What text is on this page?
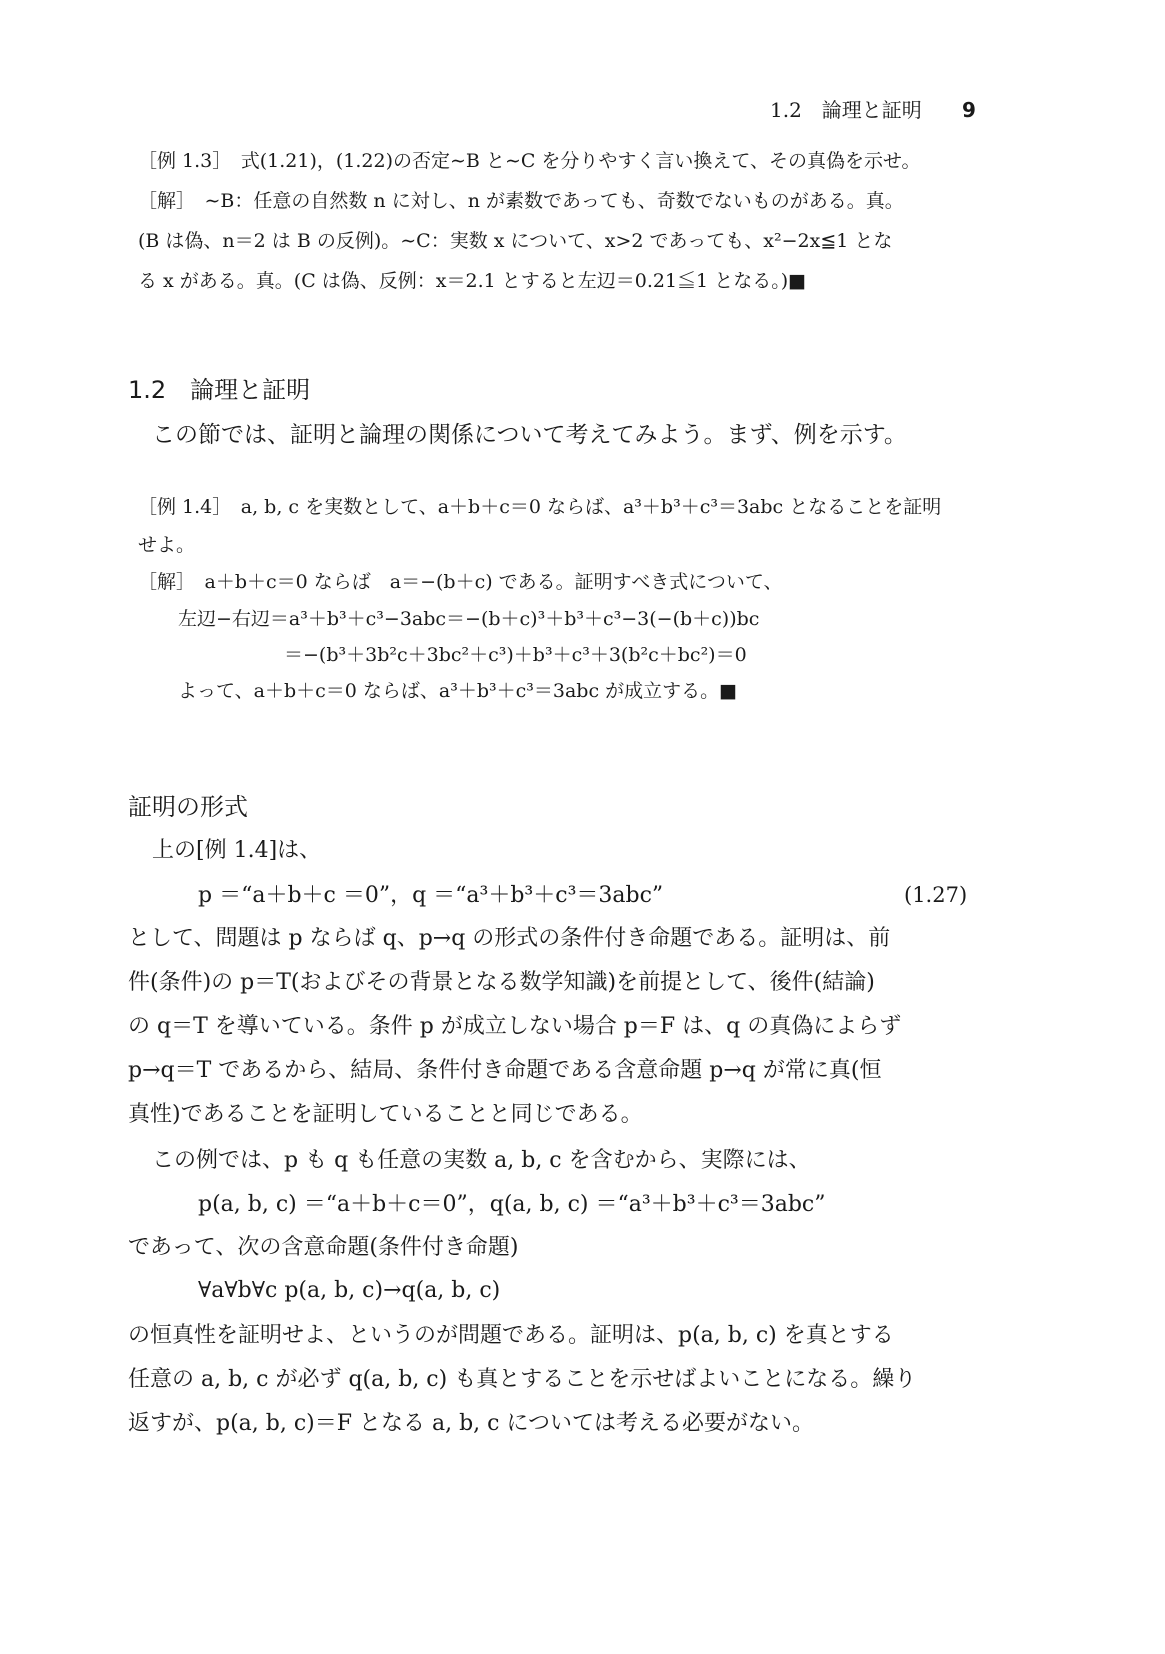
1.2　論理と証明 9
［例 1.3］　式(1.21)，(1.22)の否定∼B と∼C を分りやすく言い換えて、その真偽を示せ。
［解］　∼B：任意の自然数 n に対し、n が素数であっても、奇数でないものがある。真。
(B は偽、n＝2 は B の反例)。∼C：実数 x について、x>2 であっても、x²−2x≦1 とな
る x がある。真。(C は偽、反例：x＝2.1 とすると左辺＝0.21≦1 となる。)■
1.2　論理と証明
この節では、証明と論理の関係について考えてみよう。まず、例を示す。
［例 1.4］　a, b, c を実数として、a＋b＋c＝0 ならば、a³＋b³＋c³＝3abc となることを証明
せよ。
［解］　a＋b＋c＝0 ならば　a＝−(b＋c) である。証明すべき式について、
左辺−右辺＝a³＋b³＋c³−3abc＝−(b＋c)³＋b³＋c³−3(−(b＋c))bc
＝−(b³＋3b²c＋3bc²＋c³)＋b³＋c³＋3(b²c＋bc²)＝0
よって、a＋b＋c＝0 ならば、a³＋b³＋c³＝3abc が成立する。■
証明の形式
上の[例 1.4]は、
p ＝“a＋b＋c ＝0”，q ＝“a³＋b³＋c³＝3abc”	(1.27)
として、問題は p ならば q、p→q の形式の条件付き命題である。証明は、前
件(条件)の p＝T(およびその背景となる数学知識)を前提として、後件(結論)
の q＝T を導いている。条件 p が成立しない場合 p＝F は、q の真偽によらず
p→q＝T であるから、結局、条件付き命題である含意命題 p→q が常に真(恒
真性)であることを証明していることと同じである。
この例では、p も q も任意の実数 a, b, c を含むから、実際には、
p(a, b, c) ＝“a＋b＋c＝0”，q(a, b, c) ＝“a³＋b³＋c³＝3abc”
であって、次の含意命題(条件付き命題)
∀a∀b∀c p(a, b, c)→q(a, b, c)
の恒真性を証明せよ、というのが問題である。証明は、p(a, b, c) を真とする
任意の a, b, c が必ず q(a, b, c) も真とすることを示せばよいことになる。繰り
返すが、p(a, b, c)＝F となる a, b, c については考える必要がない。
